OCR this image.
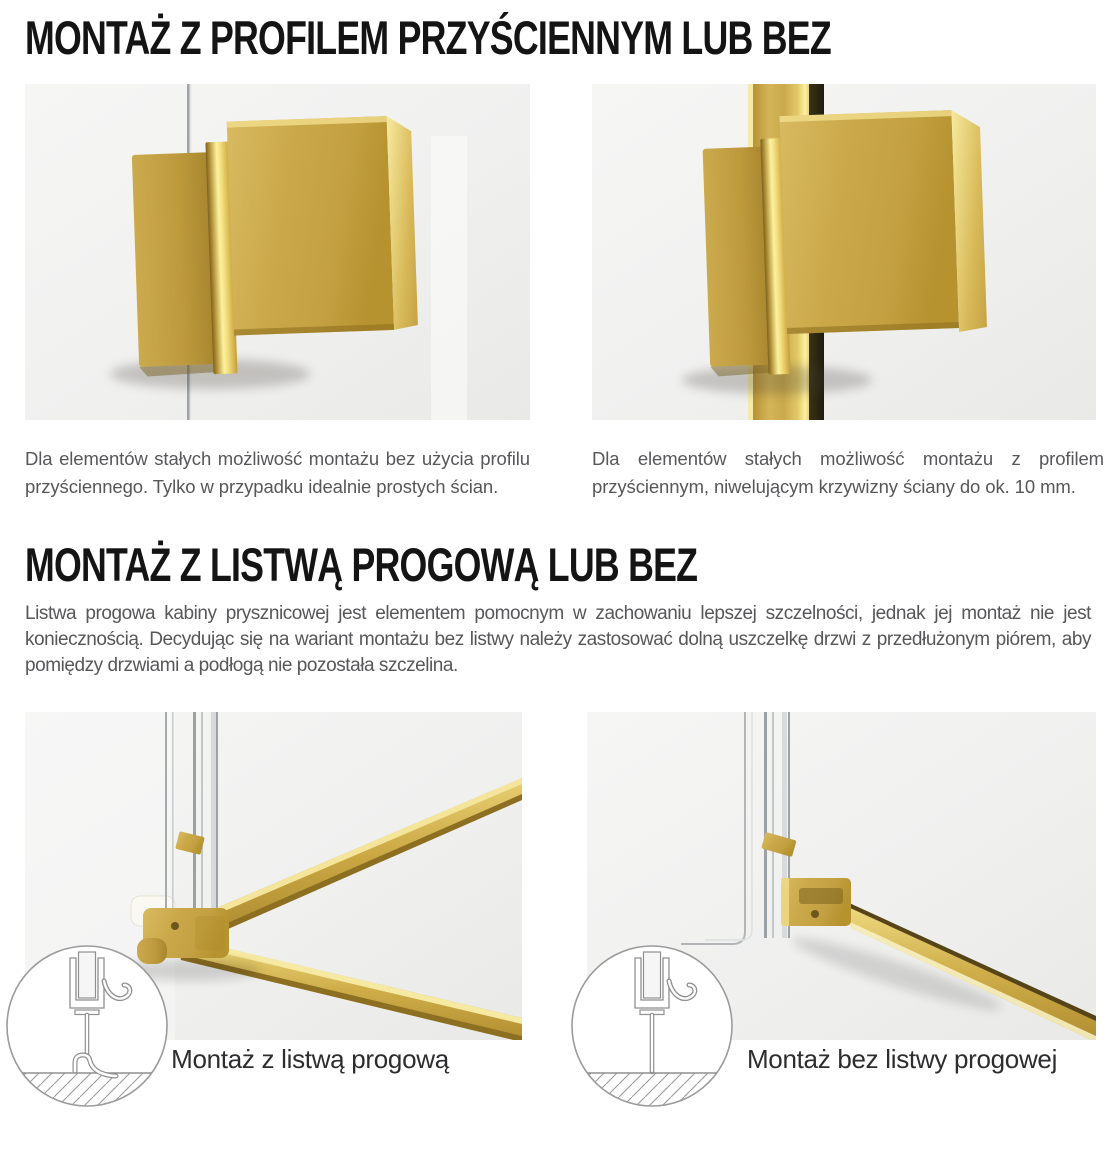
MONTAŻ Z PROFILEM PRZYŚCIENNYM LUB BEZ

Dla elementów stałych możliwość montażu bez użycia profilu przyściennego. Tylko w przypadku idealnie prostych ścian.

Dla elementów stałych możliwość montażu z profilem przyściennym, niwelującym krzywizny ściany do ok. 10 mm.

MONTAŻ Z LISTWĄ PROGOWĄ LUB BEZ

Listwa progowa kabiny prysznicowej jest elementem pomocnym w zachowaniu lepszej szczelności, jednak jej montaż nie jest koniecznością. Decydując się na wariant montażu bez listwy należy zastosować dolną uszczelkę drzwi z przedłużonym piórem, aby pomiędzy drzwiami a podłogą nie pozostała szczelina.

Montaż z listwą progową	Montaż bez listwy progowej
